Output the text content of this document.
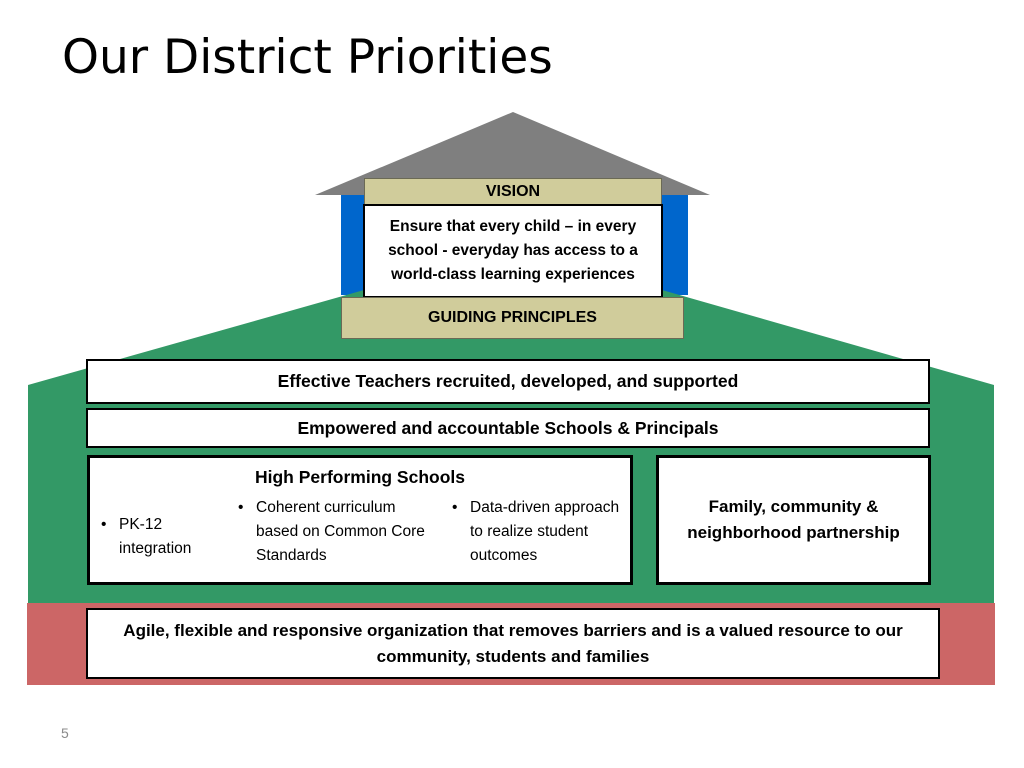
Our District Priorities
VISION
Ensure that every child – in every school - everyday has access to a world-class learning experiences
GUIDING PRINCIPLES
Effective Teachers recruited, developed, and supported
Empowered and accountable Schools & Principals
High Performing Schools
• PK-12 integration
• Coherent curriculum based on Common Core Standards
• Data-driven approach to realize student outcomes
Family, community & neighborhood partnership
Agile, flexible and responsive organization that removes barriers and is a valued resource to our community, students and families
5
